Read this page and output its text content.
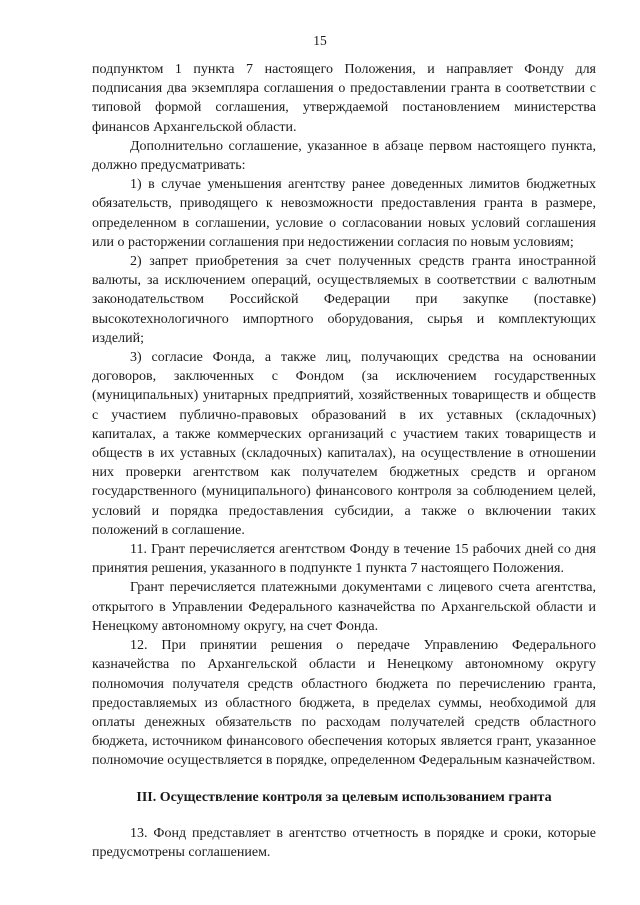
15

подпунктом 1 пункта 7 настоящего Положения, и направляет Фонду для подписания два экземпляра соглашения о предоставлении гранта в соответствии с типовой формой соглашения, утверждаемой постановлением министерства финансов Архангельской области.

Дополнительно соглашение, указанное в абзаце первом настоящего пункта, должно предусматривать:

1) в случае уменьшения агентству ранее доведенных лимитов бюджетных обязательств, приводящего к невозможности предоставления гранта в размере, определенном в соглашении, условие о согласовании новых условий соглашения или о расторжении соглашения при недостижении согласия по новым условиям;

2) запрет приобретения за счет полученных средств гранта иностранной валюты, за исключением операций, осуществляемых в соответствии с валютным законодательством Российской Федерации при закупке (поставке) высокотехнологичного импортного оборудования, сырья и комплектующих изделий;

3) согласие Фонда, а также лиц, получающих средства на основании договоров, заключенных с Фондом (за исключением государственных (муниципальных) унитарных предприятий, хозяйственных товариществ и обществ с участием публично-правовых образований в их уставных (складочных) капиталах, а также коммерческих организаций с участием таких товариществ и обществ в их уставных (складочных) капиталах), на осуществление в отношении них проверки агентством как получателем бюджетных средств и органом государственного (муниципального) финансового контроля за соблюдением целей, условий и порядка предоставления субсидии, а также о включении таких положений в соглашение.

11. Грант перечисляется агентством Фонду в течение 15 рабочих дней со дня принятия решения, указанного в подпункте 1 пункта 7 настоящего Положения.

Грант перечисляется платежными документами с лицевого счета агентства, открытого в Управлении Федерального казначейства по Архангельской области и Ненецкому автономному округу, на счет Фонда.

12. При принятии решения о передаче Управлению Федерального казначейства по Архангельской области и Ненецкому автономному округу полномочия получателя средств областного бюджета по перечислению гранта, предоставляемых из областного бюджета, в пределах суммы, необходимой для оплаты денежных обязательств по расходам получателей средств областного бюджета, источником финансового обеспечения которых является грант, указанное полномочие осуществляется в порядке, определенном Федеральным казначейством.

III. Осуществление контроля за целевым использованием гранта

13. Фонд представляет в агентство отчетность в порядке и сроки, которые предусмотрены соглашением.
